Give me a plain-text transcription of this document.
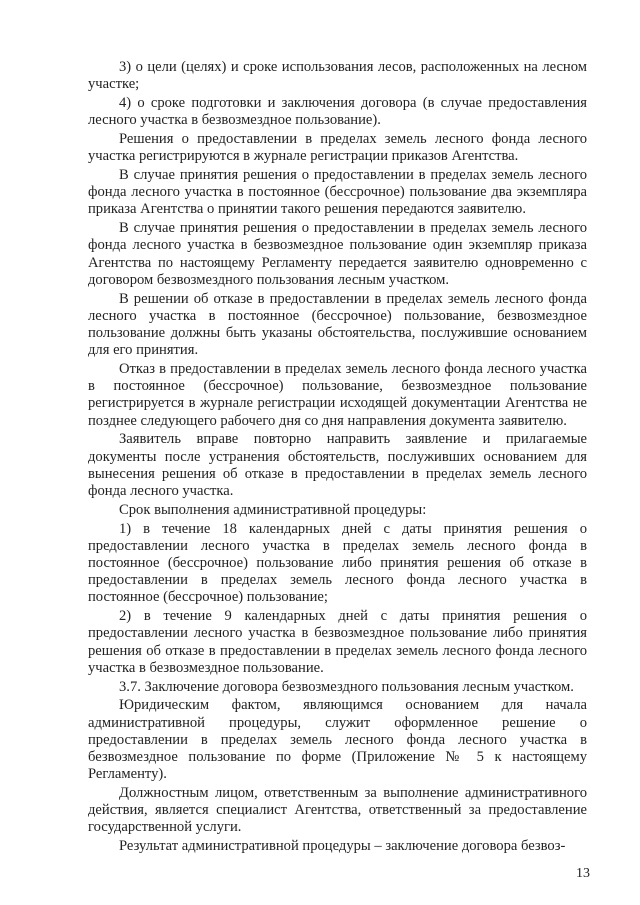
3) о цели (целях) и сроке использования лесов, расположенных на лесном участке;

4) о сроке подготовки и заключения договора (в случае предоставления лесного участка в безвозмездное пользование).

Решения о предоставлении в пределах земель лесного фонда лесного участка регистрируются в журнале регистрации приказов Агентства.

В случае принятия решения о предоставлении в пределах земель лесного фонда лесного участка в постоянное (бессрочное) пользование два экземпляра приказа Агентства о принятии такого решения передаются заявителю.

В случае принятия решения о предоставлении в пределах земель лесного фонда лесного участка в безвозмездное пользование один экземпляр приказа Агентства по настоящему Регламенту передается заявителю одновременно с договором безвозмездного пользования лесным участком.

В решении об отказе в предоставлении в пределах земель лесного фонда лесного участка в постоянное (бессрочное) пользование, безвозмездное пользование должны быть указаны обстоятельства, послужившие основанием для его принятия.

Отказ в предоставлении в пределах земель лесного фонда лесного участка в постоянное (бессрочное) пользование, безвозмездное пользование регистрируется в журнале регистрации исходящей документации Агентства не позднее следующего рабочего дня со дня направления документа заявителю.

Заявитель вправе повторно направить заявление и прилагаемые документы после устранения обстоятельств, послуживших основанием для вынесения решения об отказе в предоставлении в пределах земель лесного фонда лесного участка.

Срок выполнения административной процедуры:

1) в течение 18 календарных дней с даты принятия решения о предоставлении лесного участка в пределах земель лесного фонда в постоянное (бессрочное) пользование либо принятия решения об отказе в предоставлении в пределах земель лесного фонда лесного участка в постоянное (бессрочное) пользование;

2) в течение 9 календарных дней с даты принятия решения о предоставлении лесного участка в безвозмездное пользование либо принятия решения об отказе в предоставлении в пределах земель лесного фонда лесного участка в безвозмездное пользование.

3.7. Заключение договора безвозмездного пользования лесным участком.

Юридическим фактом, являющимся основанием для начала административной процедуры, служит оформленное решение о предоставлении в пределах земель лесного фонда лесного участка в безвозмездное пользование по форме (Приложение № 5 к настоящему Регламенту).

Должностным лицом, ответственным за выполнение административного действия, является специалист Агентства, ответственный за предоставление государственной услуги.

Результат административной процедуры – заключение договора безвоз-

13
